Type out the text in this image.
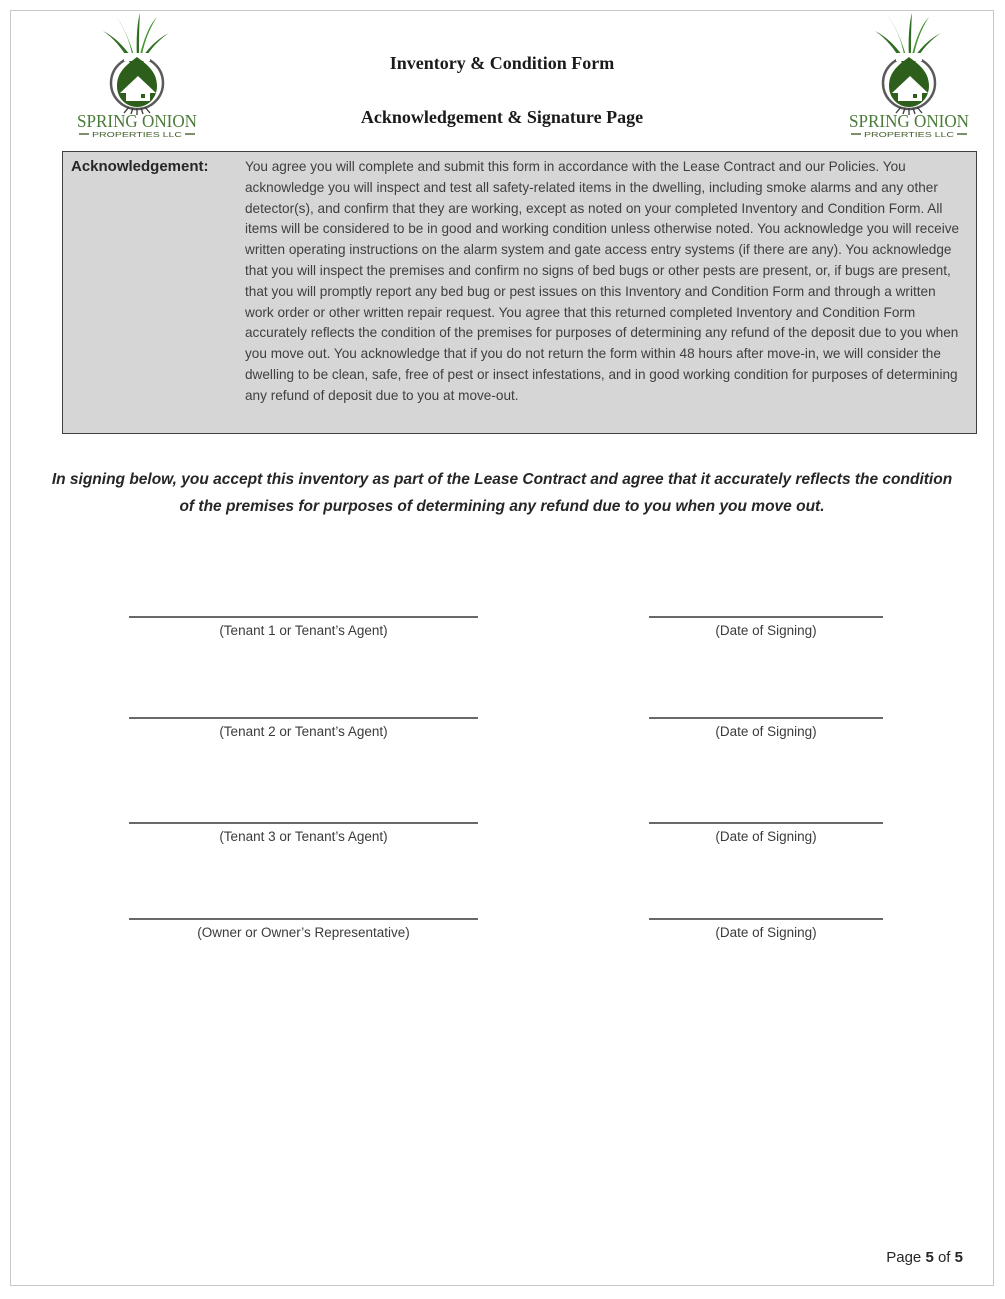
SPRING ONION
PROPERTIES LLC
SPRING ONION
PROPERTIES LLC
Inventory & Condition Form
Acknowledgement & Signature Page
Acknowledgement:	You agree you will complete and submit this form in accordance with the Lease Contract and our Policies. You acknowledge you will inspect and test all safety-related items in the dwelling, including smoke alarms and any other detector(s), and confirm that they are working, except as noted on your completed Inventory and Condition Form. All items will be considered to be in good and working condition unless otherwise noted. You acknowledge you will receive written operating instructions on the alarm system and gate access entry systems (if there are any). You acknowledge that you will inspect the premises and confirm no signs of bed bugs or other pests are present, or, if bugs are present, that you will promptly report any bed bug or pest issues on this Inventory and Condition Form and through a written work order or other written repair request. You agree that this returned completed Inventory and Condition Form accurately reflects the condition of the premises for purposes of determining any refund of the deposit due to you when you move out. You acknowledge that if you do not return the form within 48 hours after move-in, we will consider the dwelling to be clean, safe, free of pest or insect infestations, and in good working condition for purposes of determining any refund of deposit due to you at move-out.

In signing below, you accept this inventory as part of the Lease Contract and agree that it accurately reflects the condition of the premises for purposes of determining any refund due to you when you move out.

(Tenant 1 or Tenant’s Agent)	(Date of Signing)
(Tenant 2 or Tenant’s Agent)	(Date of Signing)
(Tenant 3 or Tenant’s Agent)	(Date of Signing)
(Owner or Owner’s Representative)	(Date of Signing)
Page 5 of 5
